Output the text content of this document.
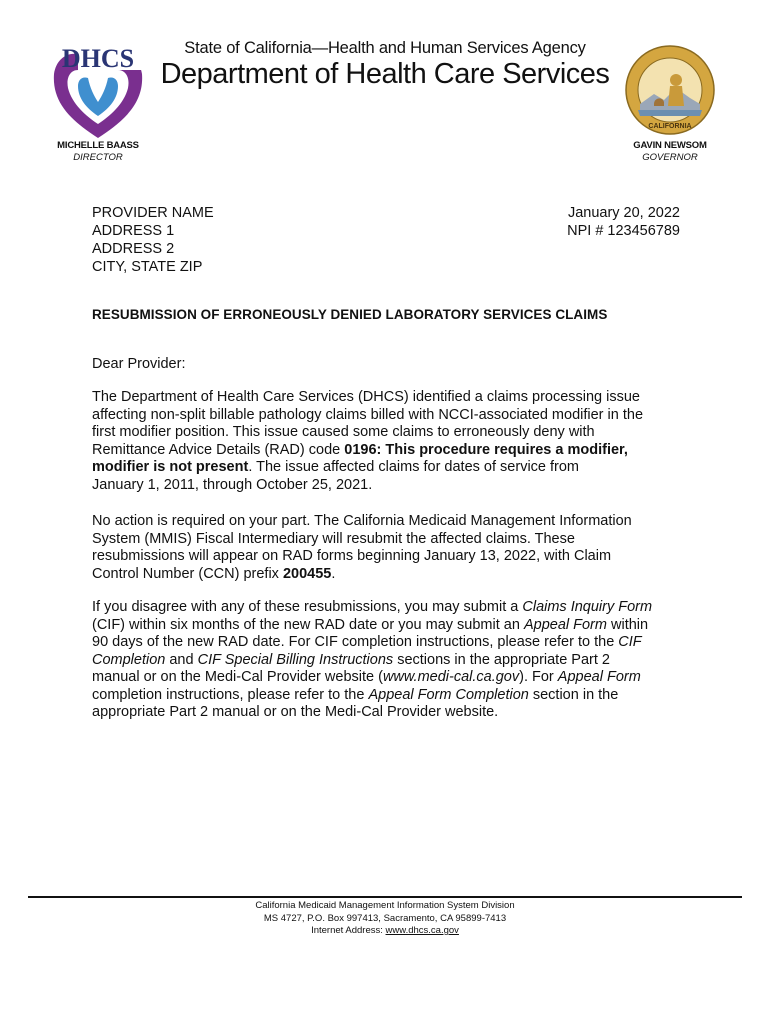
DHCS
CALIFORNIA
State of California—Health and Human Services Agency
Department of Health Care Services
MICHELLE BAASS
DIRECTOR
GAVIN NEWSOM
GOVERNOR
PROVIDER NAME
ADDRESS 1
ADDRESS 2
CITY, STATE ZIP
January 20, 2022
NPI # 123456789
RESUBMISSION OF ERRONEOUSLY DENIED LABORATORY SERVICES CLAIMS
Dear Provider:
The Department of Health Care Services (DHCS) identified a claims processing issue
affecting non-split billable pathology claims billed with NCCI-associated modifier in the
first modifier position. This issue caused some claims to erroneously deny with
Remittance Advice Details (RAD) code 0196: This procedure requires a modifier,
modifier is not present. The issue affected claims for dates of service from
January 1, 2011, through October 25, 2021.
No action is required on your part. The California Medicaid Management Information
System (MMIS) Fiscal Intermediary will resubmit the affected claims. These
resubmissions will appear on RAD forms beginning January 13, 2022, with Claim
Control Number (CCN) prefix 200455.
If you disagree with any of these resubmissions, you may submit a Claims Inquiry Form
(CIF) within six months of the new RAD date or you may submit an Appeal Form within
90 days of the new RAD date. For CIF completion instructions, please refer to the CIF
Completion and CIF Special Billing Instructions sections in the appropriate Part 2
manual or on the Medi-Cal Provider website (www.medi-cal.ca.gov). For Appeal Form
completion instructions, please refer to the Appeal Form Completion section in the
appropriate Part 2 manual or on the Medi-Cal Provider website.
California Medicaid Management Information System Division
MS 4727, P.O. Box 997413, Sacramento, CA 95899-7413
Internet Address: www.dhcs.ca.gov
